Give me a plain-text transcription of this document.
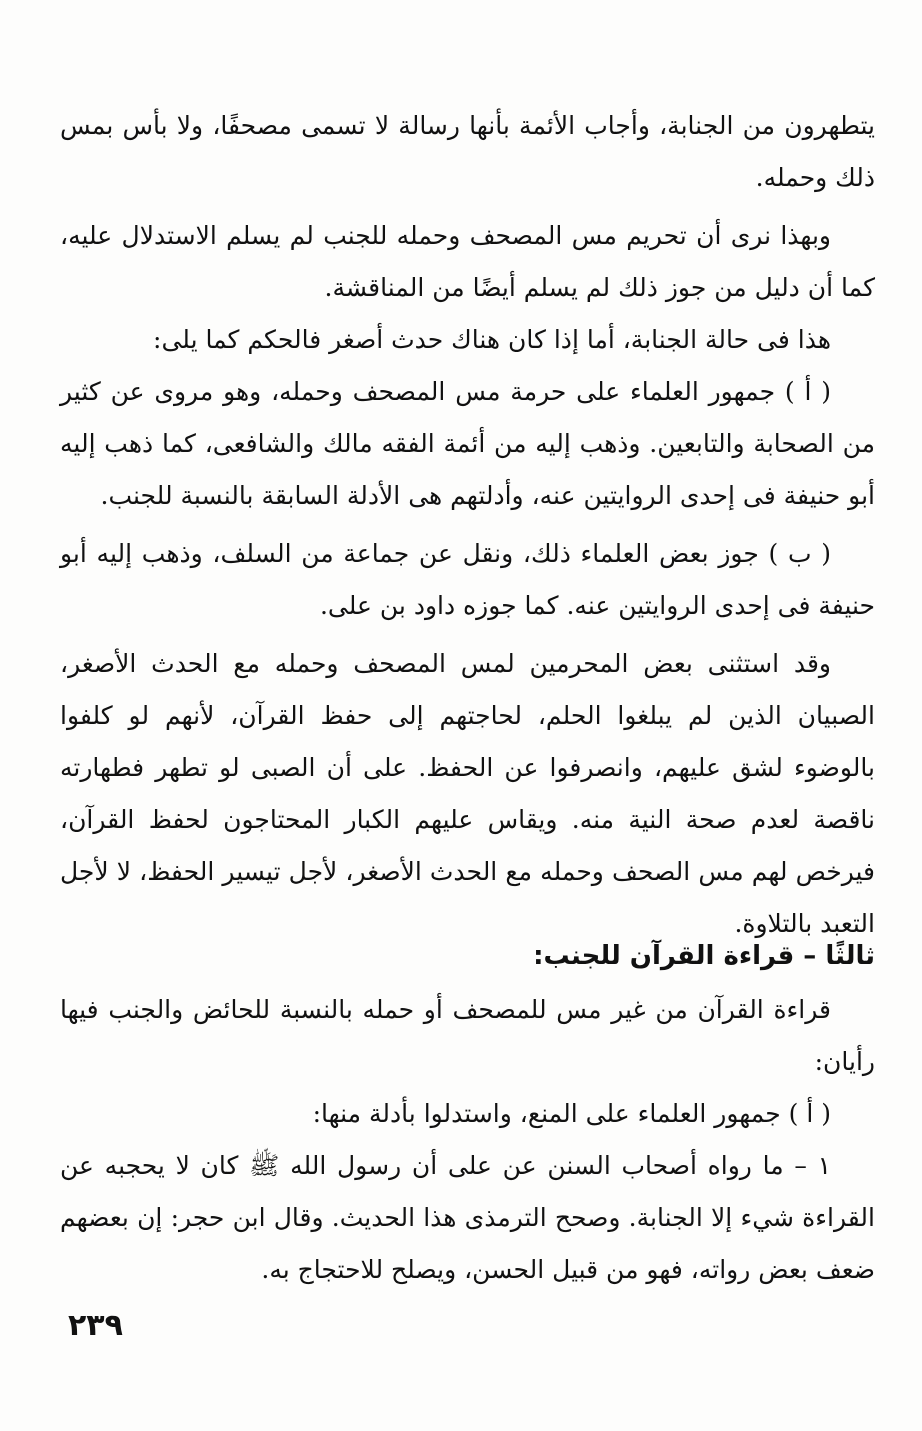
يتطهرون من الجنابة، وأجاب الأئمة بأنها رسالة لا تسمى مصحفًا، ولا بأس بمس ذلك وحمله.

وبهذا نرى أن تحريم مس المصحف وحمله للجنب لم يسلم الاستدلال عليه، كما أن دليل من جوز ذلك لم يسلم أيضًا من المناقشة.

هذا فى حالة الجنابة، أما إذا كان هناك حدث أصغر فالحكم كما يلى:

( أ ) جمهور العلماء على حرمة مس المصحف وحمله، وهو مروى عن كثير من الصحابة والتابعين. وذهب إليه من أئمة الفقه مالك والشافعى، كما ذهب إليه أبو حنيفة فى إحدى الروايتين عنه، وأدلتهم هى الأدلة السابقة بالنسبة للجنب.

( ب ) جوز بعض العلماء ذلك، ونقل عن جماعة من السلف، وذهب إليه أبو حنيفة فى إحدى الروايتين عنه. كما جوزه داود بن على.

وقد استثنى بعض المحرمين لمس المصحف وحمله مع الحدث الأصغر، الصبيان الذين لم يبلغوا الحلم، لحاجتهم إلى حفظ القرآن، لأنهم لو كلفوا بالوضوء لشق عليهم، وانصرفوا عن الحفظ. على أن الصبى لو تطهر فطهارته ناقصة لعدم صحة النية منه. ويقاس عليهم الكبار المحتاجون لحفظ القرآن، فيرخص لهم مس الصحف وحمله مع الحدث الأصغر، لأجل تيسير الحفظ، لا لأجل التعبد بالتلاوة.

ثالثًا – قراءة القرآن للجنب:

قراءة القرآن من غير مس للمصحف أو حمله بالنسبة للحائض والجنب فيها رأيان:

( أ ) جمهور العلماء على المنع، واستدلوا بأدلة منها:

١ – ما رواه أصحاب السنن عن على أن رسول الله ﷺ كان لا يحجبه عن القراءة شيء إلا الجنابة. وصحح الترمذى هذا الحديث. وقال ابن حجر: إن بعضهم ضعف بعض رواته، فهو من قبيل الحسن، ويصلح للاحتجاج به.

٢٣٩
